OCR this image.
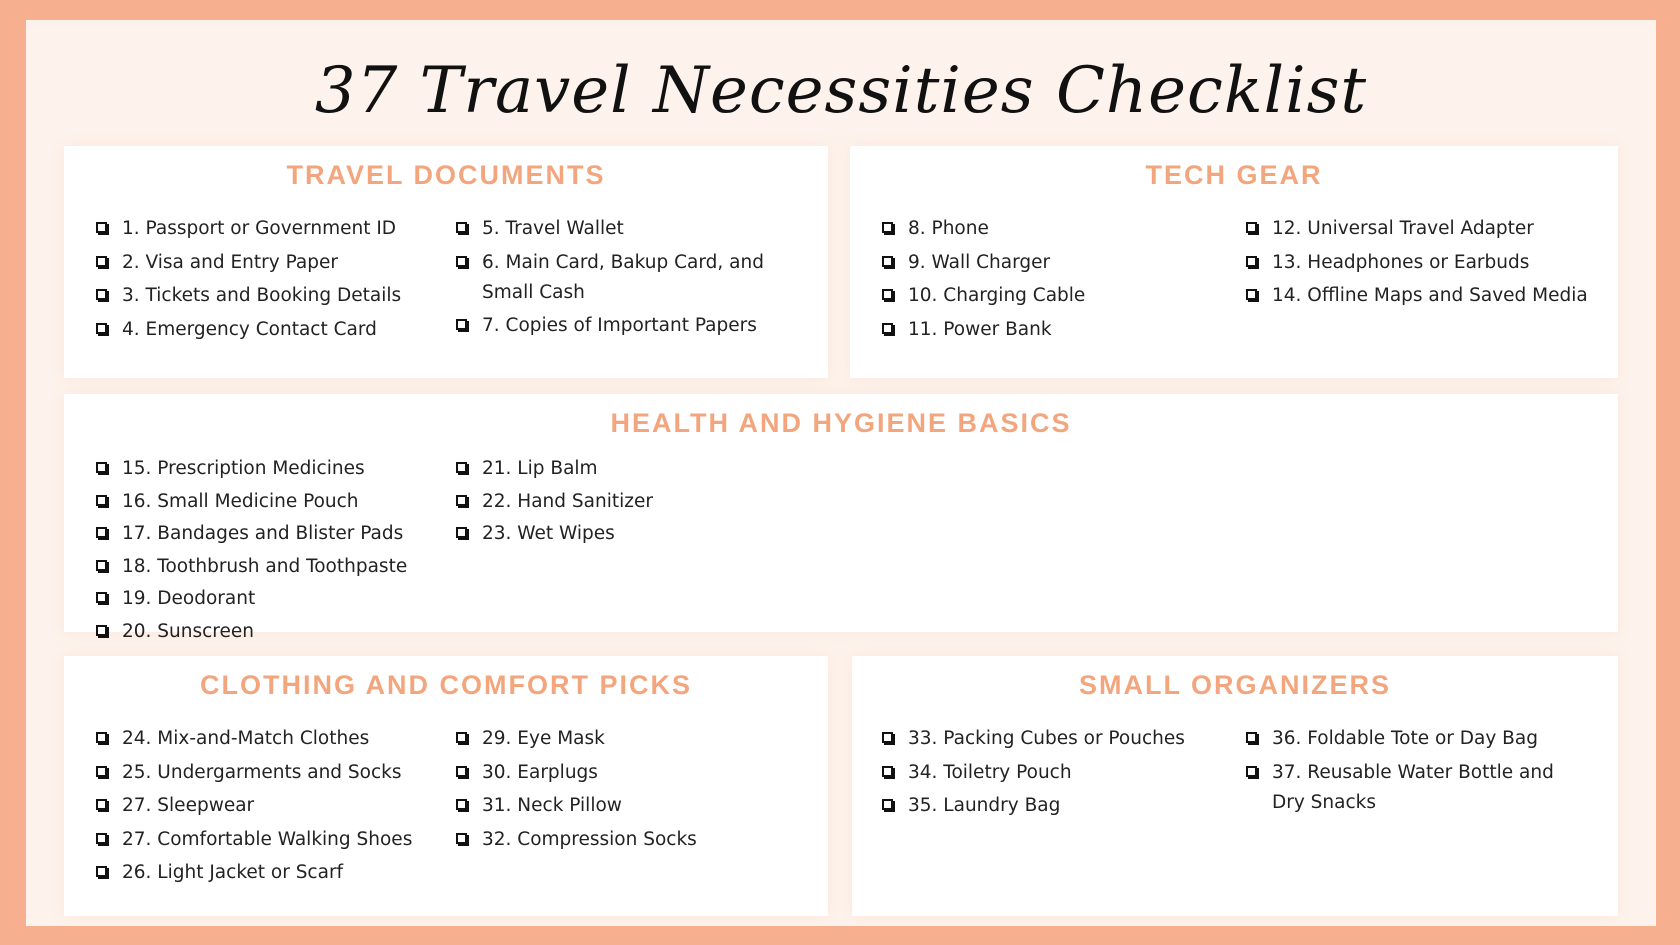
37 Travel Necessities Checklist
TRAVEL DOCUMENTS
1. Passport or Government ID
2. Visa and Entry Paper
3. Tickets and Booking Details
4. Emergency Contact Card
5. Travel Wallet
6. Main Card, Bakup Card, and Small Cash
7. Copies of Important Papers
TECH GEAR
8. Phone
9. Wall Charger
10. Charging Cable
11. Power Bank
12. Universal Travel Adapter
13. Headphones or Earbuds
14. Offline Maps and Saved Media
HEALTH AND HYGIENE BASICS
15. Prescription Medicines
16. Small Medicine Pouch
17. Bandages and Blister Pads
18. Toothbrush and Toothpaste
19. Deodorant
20. Sunscreen
21. Lip Balm
22. Hand Sanitizer
23. Wet Wipes
CLOTHING AND COMFORT PICKS
24. Mix-and-Match Clothes
25. Undergarments and Socks
27. Sleepwear
27. Comfortable Walking Shoes
26. Light Jacket or Scarf
29. Eye Mask
30. Earplugs
31. Neck Pillow
32. Compression Socks
SMALL ORGANIZERS
33. Packing Cubes or Pouches
34. Toiletry Pouch
35. Laundry Bag
36. Foldable Tote or Day Bag
37. Reusable Water Bottle and Dry Snacks
